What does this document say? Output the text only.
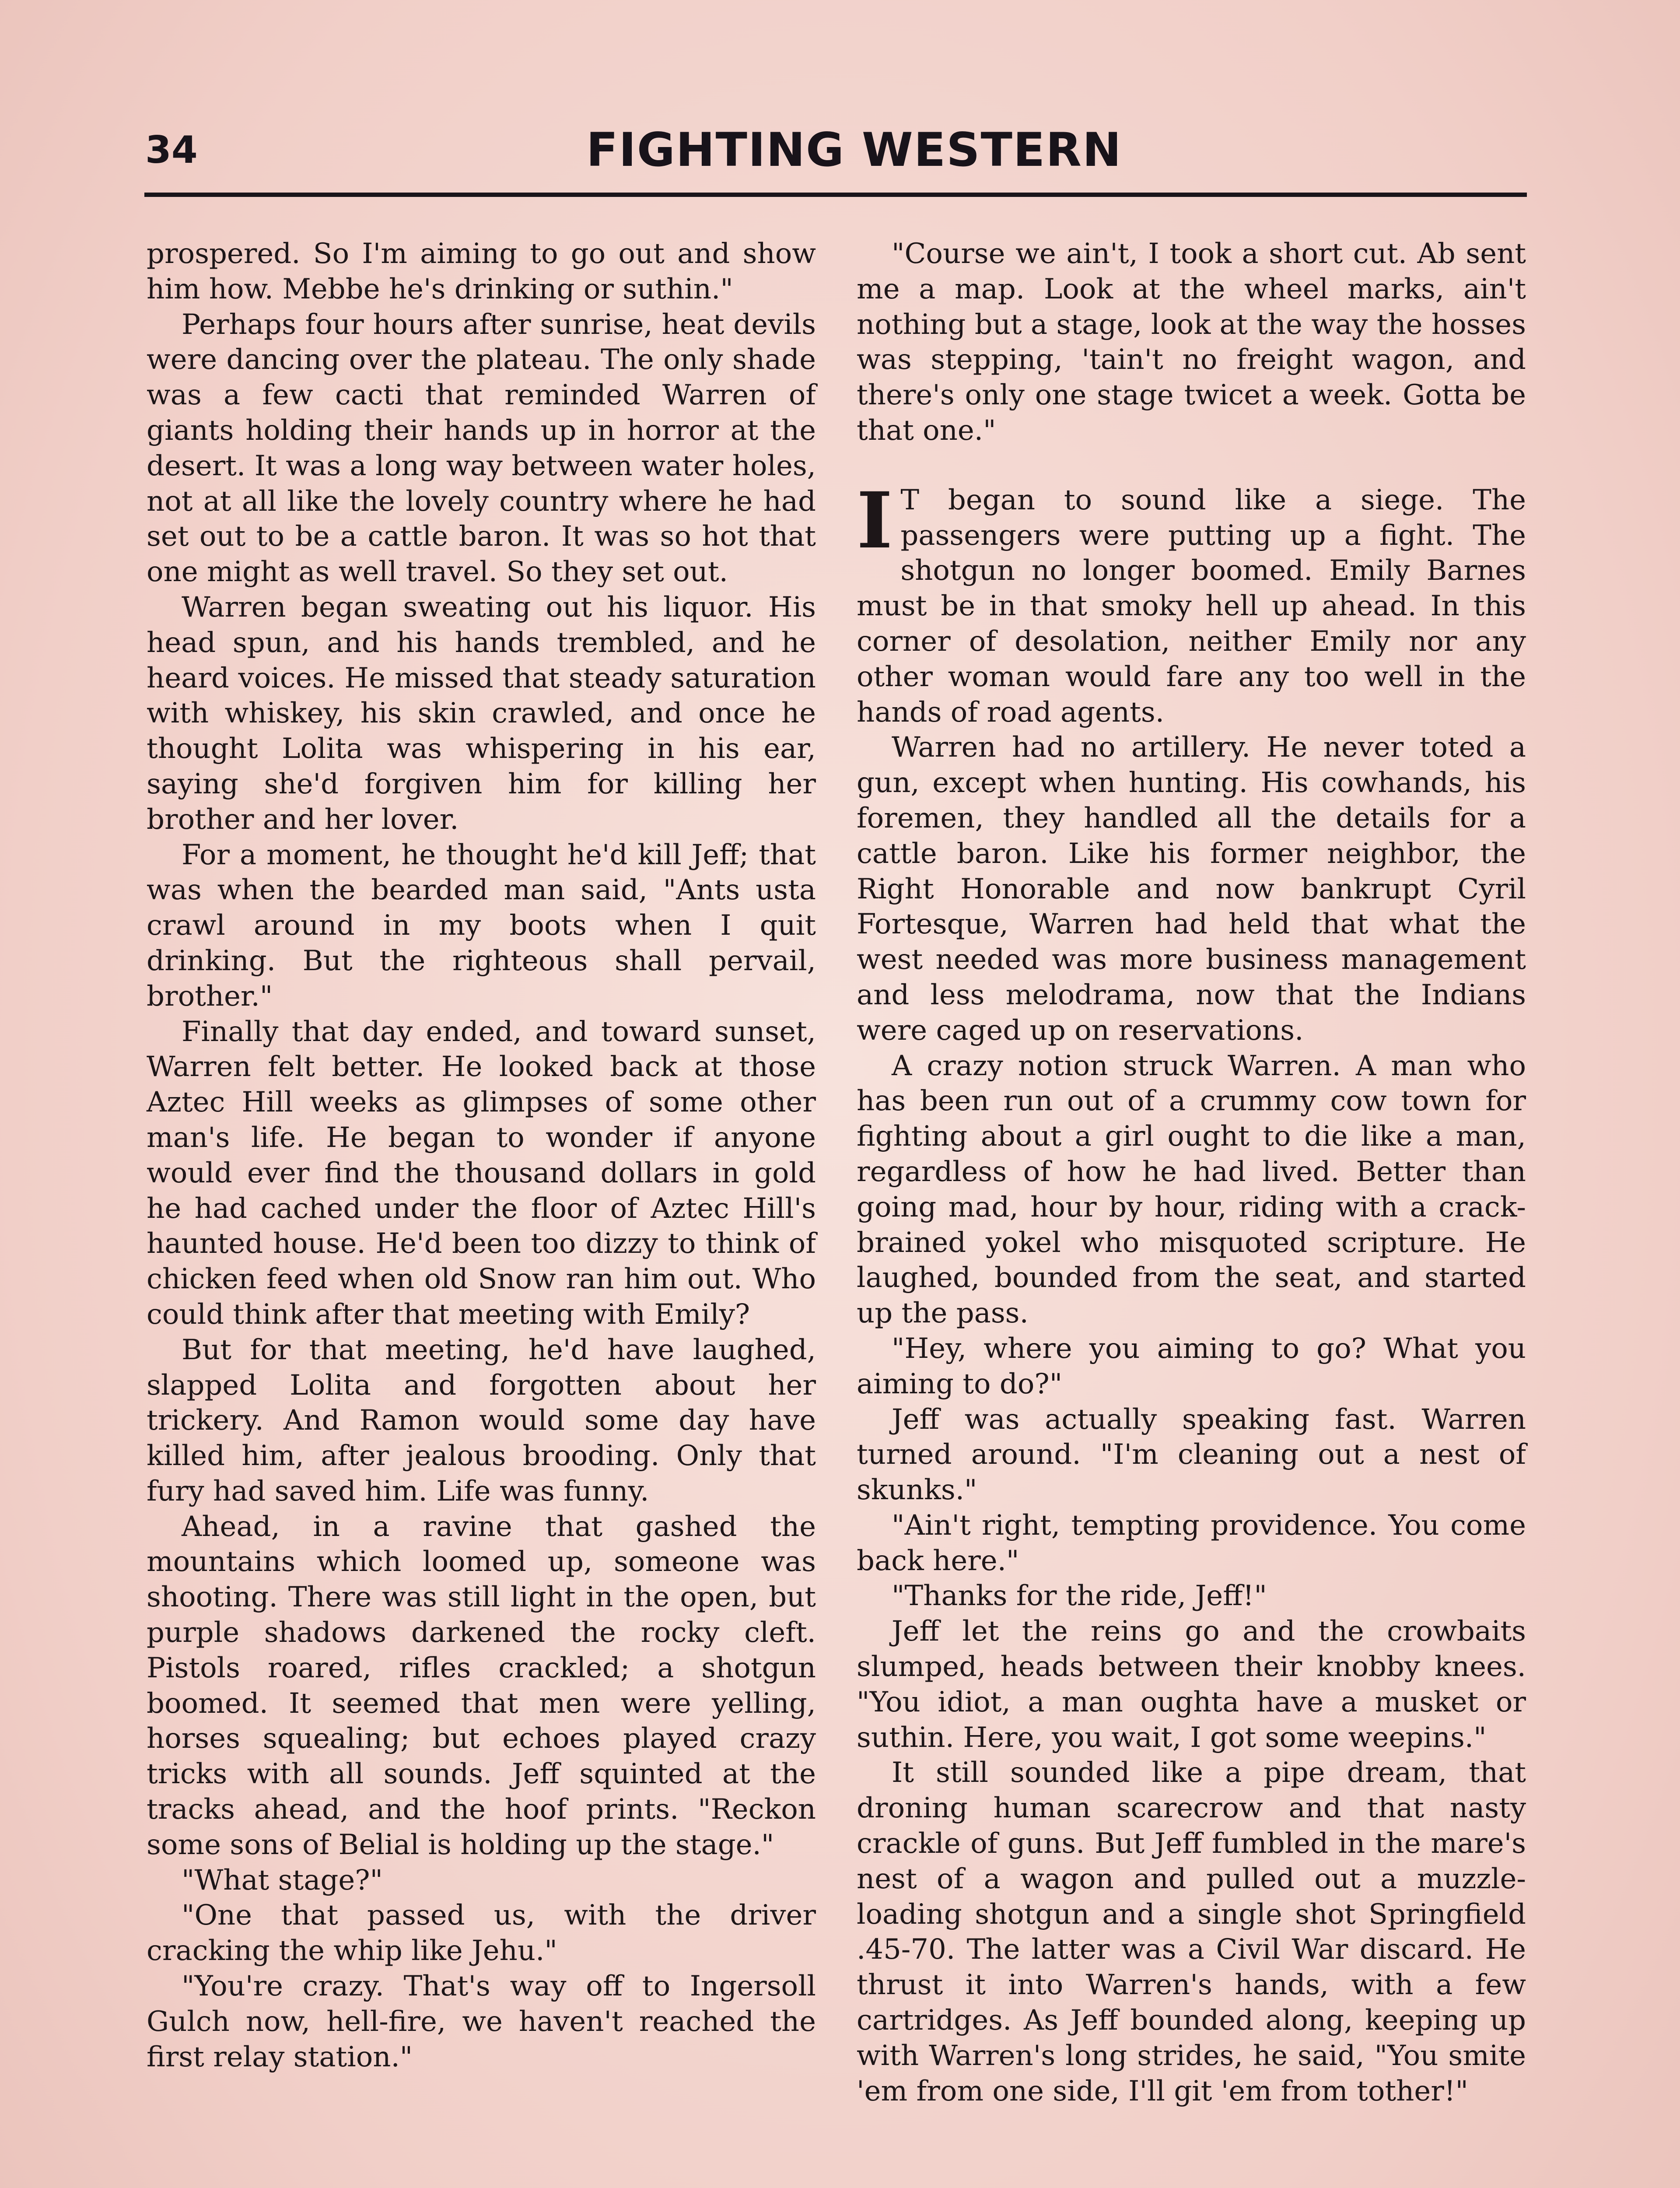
34	FIGHTING WESTERN

prospered. So I'm aiming to go out and show him how. Mebbe he's drinking or suthin."

Perhaps four hours after sunrise, heat devils were dancing over the plateau. The only shade was a few cacti that reminded Warren of giants holding their hands up in horror at the desert. It was a long way between water holes, not at all like the lovely country where he had set out to be a cattle baron. It was so hot that one might as well travel. So they set out.

Warren began sweating out his liquor. His head spun, and his hands trembled, and he heard voices. He missed that steady saturation with whiskey, his skin crawled, and once he thought Lolita was whispering in his ear, saying she'd forgiven him for killing her brother and her lover.

For a moment, he thought he'd kill Jeff; that was when the bearded man said, "Ants usta crawl around in my boots when I quit drinking. But the righteous shall pervail, brother."

Finally that day ended, and toward sunset, Warren felt better. He looked back at those Aztec Hill weeks as glimpses of some other man's life. He began to wonder if anyone would ever find the thousand dollars in gold he had cached under the floor of Aztec Hill's haunted house. He'd been too dizzy to think of chicken feed when old Snow ran him out. Who could think after that meeting with Emily?

But for that meeting, he'd have laughed, slapped Lolita and forgotten about her trickery. And Ramon would some day have killed him, after jealous brooding. Only that fury had saved him. Life was funny.

Ahead, in a ravine that gashed the mountains which loomed up, someone was shooting. There was still light in the open, but purple shadows darkened the rocky cleft. Pistols roared, rifles crackled; a shotgun boomed. It seemed that men were yelling, horses squealing; but echoes played crazy tricks with all sounds. Jeff squinted at the tracks ahead, and the hoof prints. "Reckon some sons of Belial is holding up the stage."

"What stage?"

"One that passed us, with the driver cracking the whip like Jehu."

"You're crazy. That's way off to Ingersoll Gulch now, hell-fire, we haven't reached the first relay station."

"Course we ain't, I took a short cut. Ab sent me a map. Look at the wheel marks, ain't nothing but a stage, look at the way the hosses was stepping, 'tain't no freight wagon, and there's only one stage twicet a week. Gotta be that one."

I T began to sound like a siege. The passengers were putting up a fight. The shotgun no longer boomed. Emily Barnes must be in that smoky hell up ahead. In this corner of desolation, neither Emily nor any other woman would fare any too well in the hands of road agents.

Warren had no artillery. He never toted a gun, except when hunting. His cowhands, his foremen, they handled all the details for a cattle baron. Like his former neighbor, the Right Honorable and now bankrupt Cyril Fortesque, Warren had held that what the west needed was more business management and less melodrama, now that the Indians were caged up on reservations.

A crazy notion struck Warren. A man who has been run out of a crummy cow town for fighting about a girl ought to die like a man, regardless of how he had lived. Better than going mad, hour by hour, riding with a crack-brained yokel who misquoted scripture. He laughed, bounded from the seat, and started up the pass.

"Hey, where you aiming to go? What you aiming to do?"

Jeff was actually speaking fast. Warren turned around. "I'm cleaning out a nest of skunks."

"Ain't right, tempting providence. You come back here."

"Thanks for the ride, Jeff!"

Jeff let the reins go and the crowbaits slumped, heads between their knobby knees. "You idiot, a man oughta have a musket or suthin. Here, you wait, I got some weepins."

It still sounded like a pipe dream, that droning human scarecrow and that nasty crackle of guns. But Jeff fumbled in the mare's nest of a wagon and pulled out a muzzle-loading shotgun and a single shot Springfield .45-70. The latter was a Civil War discard. He thrust it into Warren's hands, with a few cartridges. As Jeff bounded along, keeping up with Warren's long strides, he said, "You smite 'em from one side, I'll git 'em from tother!"
